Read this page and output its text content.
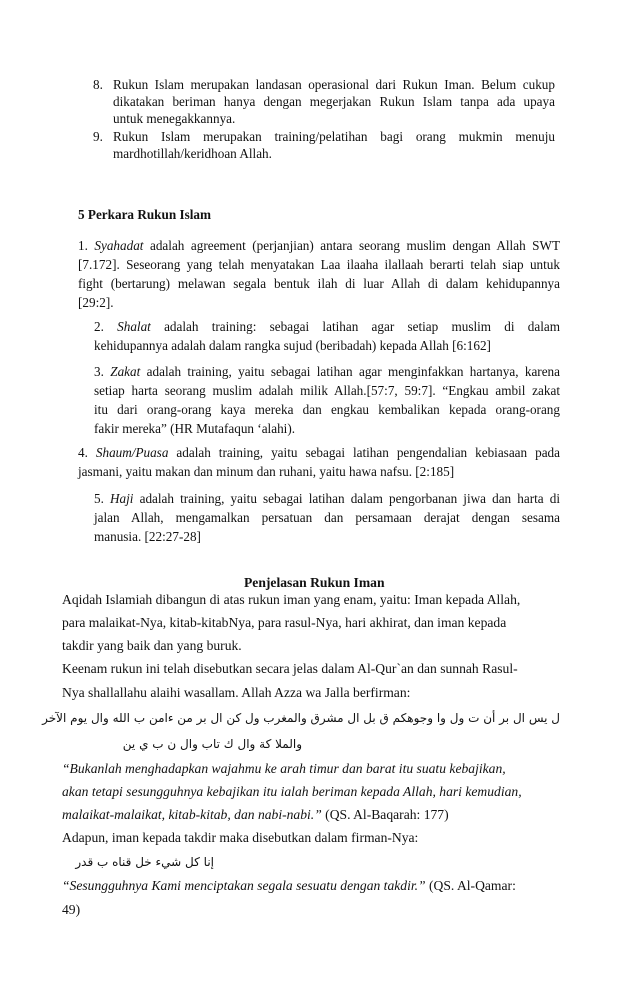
8. Rukun Islam merupakan landasan operasional dari Rukun Iman. Belum cukup
dikatakan beriman hanya dengan megerjakan Rukun Islam tanpa ada upaya
untuk menegakkannya.
9. Rukun Islam merupakan training/pelatihan bagi orang mukmin menuju
mardhotillah/keridhoan Allah.
5 Perkara Rukun Islam
1. Syahadat adalah agreement (perjanjian) antara seorang muslim dengan Allah SWT
[7.172]. Seseorang yang telah menyatakan Laa ilaaha ilallaah berarti telah siap untuk
fight (bertarung) melawan segala bentuk ilah di luar Allah di dalam kehidupannya
[29:2].
2. Shalat adalah training: sebagai latihan agar setiap muslim di dalam
kehidupannya adalah dalam rangka sujud (beribadah) kepada Allah [6:162]
3. Zakat adalah training, yaitu sebagai latihan agar menginfakkan hartanya, karena
setiap harta seorang muslim adalah milik Allah.[57:7, 59:7]. “Engkau ambil zakat
itu dari orang-orang kaya mereka dan engkau kembalikan kepada orang-orang
fakir mereka” (HR Mutafaqun ‘alahi).
4. Shaum/Puasa adalah training, yaitu sebagai latihan pengendalian kebiasaan pada
jasmani, yaitu makan dan minum dan ruhani, yaitu hawa nafsu. [2:185]
5. Haji adalah training, yaitu sebagai latihan dalam pengorbanan jiwa dan harta di
jalan Allah, mengamalkan persatuan dan persamaan derajat dengan sesama
manusia. [22:27-28]
Penjelasan Rukun Iman
Aqidah Islamiah dibangun di atas rukun iman yang enam, yaitu: Iman kepada Allah,
para malaikat-Nya, kitab-kitabNya, para rasul-Nya, hari akhirat, dan iman kepada
takdir yang baik dan yang buruk.
Keenam rukun ini telah disebutkan secara jelas dalam Al-Qur`an dan sunnah Rasul-
Nya shallallahu alaihi wasallam. Allah Azza wa Jalla berfirman:
“Bukanlah menghadapkan wajahmu ke arah timur dan barat itu suatu kebajikan,
akan tetapi sesungguhnya kebajikan itu ialah beriman kepada Allah, hari kemudian,
malaikat-malaikat, kitab-kitab, dan nabi-nabi.” (QS. Al-Baqarah: 177)
Adapun, iman kepada takdir maka disebutkan dalam firman-Nya:
“Sesungguhnya Kami menciptakan segala sesuatu dengan takdir.” (QS. Al-Qamar:
49)
ل يس ال بر أن ت ول وا وجوهكم ق بل ال مشرق والمغرب ول كن ال بر من ءامن ب الله وال يوم الآخر
والملا كة وال ك تاب وال ن ب ي ين
إنا كل شيء خل قناه ب قدر
